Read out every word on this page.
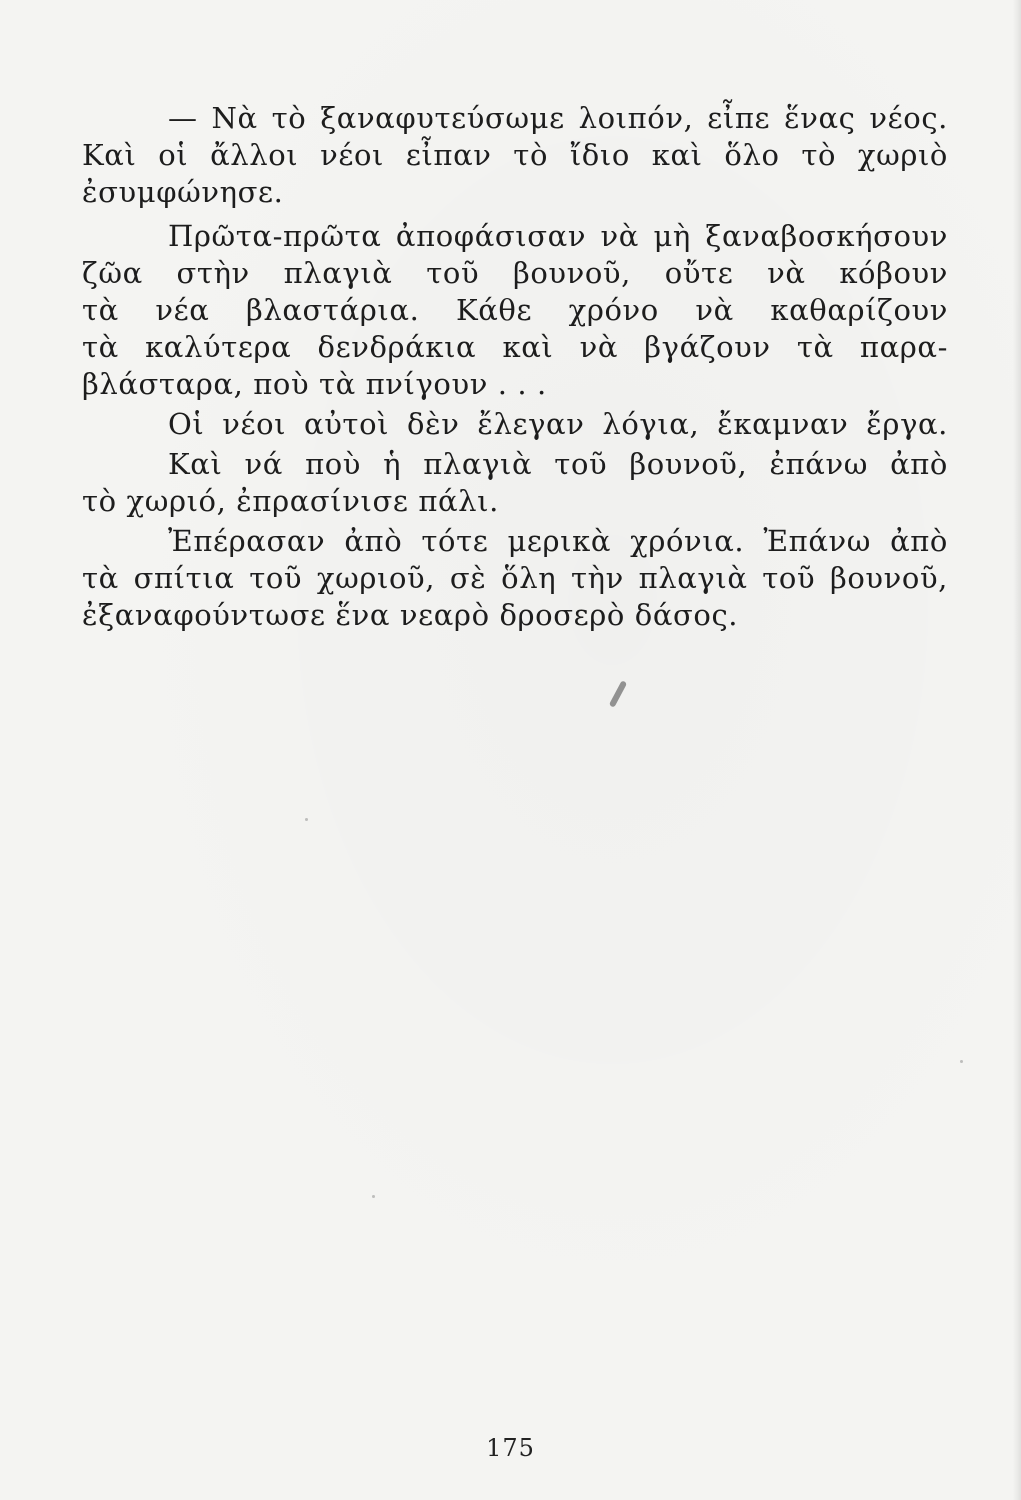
— Νὰ τὸ ξαναφυτεύσωμε λοιπόν, εἶπε ἕνας νέος.
Καὶ οἱ ἄλλοι νέοι εἶπαν τὸ ἴδιο καὶ ὅλο τὸ χωριὸ
ἐσυμφώνησε.

Πρῶτα-πρῶτα ἀποφάσισαν νὰ μὴ ξαναβοσκήσουν
ζῶα στὴν πλαγιὰ τοῦ βουνοῦ, οὔτε νὰ κόβουν
τὰ νέα βλαστάρια. Κάθε χρόνο νὰ καθαρίζουν
τὰ καλύτερα δενδράκια καὶ νὰ βγάζουν τὰ παρα-
βλάσταρα, ποὺ τὰ πνίγουν . . .

Οἱ νέοι αὐτοὶ δὲν ἔλεγαν λόγια, ἔκαμναν ἔργα.

Καὶ νά ποὺ ἡ πλαγιὰ τοῦ βουνοῦ, ἐπάνω ἀπὸ
τὸ χωριό, ἐπρασίνισε πάλι.

Ἐπέρασαν ἀπὸ τότε μερικὰ χρόνια. Ἐπάνω ἀπὸ
τὰ σπίτια τοῦ χωριοῦ, σὲ ὅλη τὴν πλαγιὰ τοῦ βουνοῦ,
ἐξαναφούντωσε ἕνα νεαρὸ δροσερὸ δάσος.

175
